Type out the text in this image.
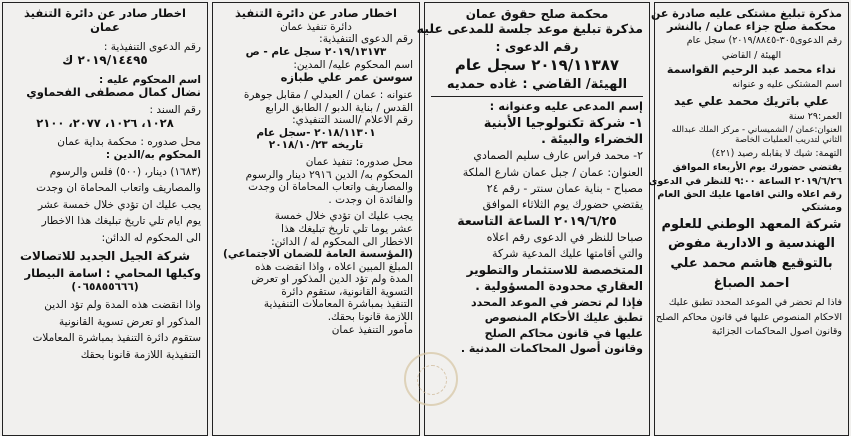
اخطار صادر عن دائرة التنفيذ
عمان
رقم الدعوى التنفيذية :
٢٠١٩/١٤٤٩٥ ك
اسم المحكوم عليه :
نضال كمال مصطفى الفحماوي
رقم السند :
١٠٢٨، ١٠٢٦، ٢٠٧٧، ٢١٠٠
محل صدوره : محكمة بداية عمان
المحكوم به/الدين :
(١٦٨٣) دينار، (٥٠٠) فلس والرسوم
والمصاريف واتعاب المحاماة ان وجدت
يجب عليك ان تؤدي خلال خمسة عشر
يوم ايام تلي تاريخ تبليغك هذا الاخطار
الى المحكوم له الدائن:
شركة الجيل الجديد للاتصالات
وكيلها المحامي : اسامة البيطار
(٠٦٥٨٥٥٦٦٦)
واذا انقضت هذه المدة ولم تؤد الدين
المذكور او تعرض تسوية القانونية
ستقوم دائرة التنفيذ بمباشرة المعاملات
التنفيذية اللازمة قانونا بحقك
اخطار صادر عن دائرة التنفيذ
دائرة تنفيذ عمان
رقم الدعوى التنفيذية:
٢٠١٩/١٣١٧٣ سجل عام - ص
اسم المحكوم عليه/ المدين:
سوسن عمر علي طبازه
عنوانه : عمان / العبدلي / مقابل جوهرة
القدس / بناية الدبو / الطابق الرابع
رقم الاعلام /السند التنفيذي:
٢٠١٨/١١٣٠١ -سجل عام
تاريخه ٢٠١٨/١٠/٢٣
محل صدوره: تنفيذ عمان
المحكوم به/ الدين ٢٩١٦ دينار والرسوم
والمصاريف واتعاب المحاماة ان وجدت
والفائدة ان وجدت .
يجب عليك ان تؤدي خلال خمسة
عشر يوما تلي تاريخ تبليغك هذا
الاخطار الى المحكوم له / الدائن:
(المؤسسة العامة للضمان الاجتماعي)
المبلغ المبين اعلاه ، واذا انقضت هذه
المدة ولم تؤد الدين المذكور او تعرض
التسوية القانونية، ستقوم دائرة
التنفيذ بمباشرة المعاملات التنفيذية
اللازمة قانونا بحقك.
مأمور التنفيذ عمان
محكمة صلح حقوق عمان
مذكرة تبليغ موعد جلسة للمدعى عليه
رقم الدعوى :
٢٠١٩/١١٣٨٧ سجل عام
الهيئة/ القاضي : غاده حمديه
إسم المدعى عليه وعنوانه :
١- شركة تكنولوجيا الأبنية
الخضراء والبيئة .
٢- محمد فراس عارف سليم الصمادي
العنوان: عمان / جبل عمان شارع الملكة
مصباح - بناية عمان سنتر - رقم ٢٤
يقتضي حضورك يوم الثلاثاء الموافق
٢٠١٩/٦/٢٥ الساعة التاسعة
صباحا للنظر في الدعوى رقم اعلاه
والتي أقامتها عليك المدعية شركة
المتخصصة للاستثمار والتطوير
العقاري محدودة المسؤولية .
فإذا لم تحضر في الموعد المحدد
تطبق عليك الأحكام المنصوص
عليها في قانون محاكم الصلح
وقانون أصول المحاكمات المدنية .
مذكرة تبليغ مشتكى عليه صادرة عن
محكمة صلح جزاء عمان / بالنشر
رقم الدعوى٣٠٥-٢٠١٩/٨٨٤٥) سجل عام
الهيئة / القاضي
نداء محمد عبد الرحيم القواسمة
اسم المشتكى عليه و عنوانه
علي باتريك محمد علي عيد
العمر:٢٩ سنة
العنوان:عمان / الشميساني - مركز الملك عبدالله
الثاني لتدريب العمليات الخاصة
التهمة: شيك لا يقابله رصيد (٤٢١)
يقتضي حضورك يوم الأربعاء الموافق
٢٠١٩/٦/٢٦ الساعة ٩:٠٠ للنظر في الدعوى
رقم اعلاه والتي اقامها عليك الحق العام
ومشتكي
شركة المعهد الوطني للعلوم
الهندسية و الادارية مفوض
بالتوقيع هاشم محمد علي
احمد الصباغ
فاذا لم تحضر في الموعد المحدد تطبق عليك
الاحكام المنصوص عليها في قانون محاكم الصلح
وقانون اصول المحاكمات الجزائية
